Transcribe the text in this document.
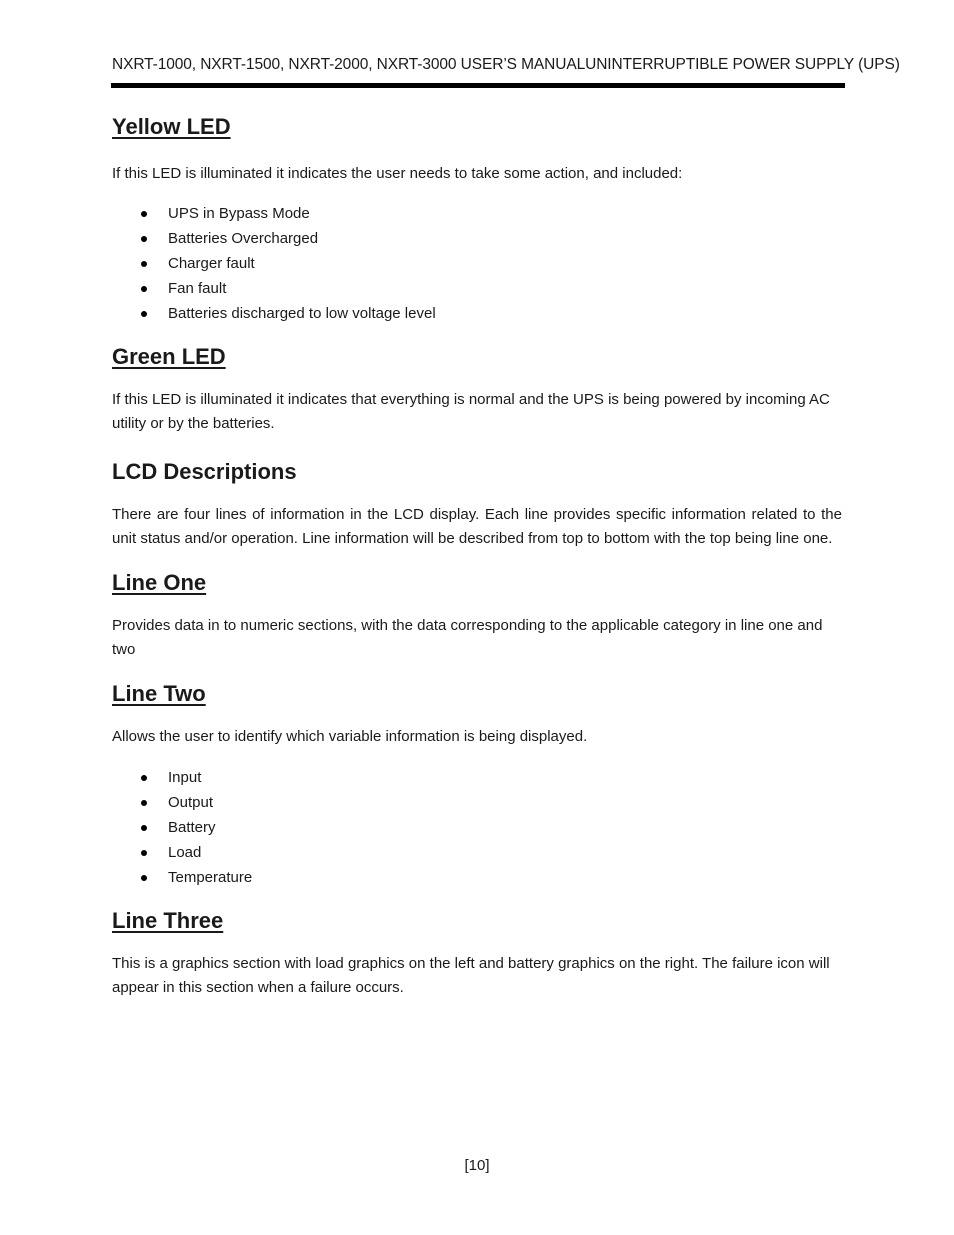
NXRT-1000, NXRT-1500, NXRT-2000, NXRT-3000 USER’S MANUALUNINTERRUPTIBLE POWER SUPPLY (UPS)
Yellow LED

If this LED is illuminated it indicates the user needs to take some action, and included:

UPS in Bypass Mode
Batteries Overcharged
Charger fault
Fan fault
Batteries discharged to low voltage level
Green LED

If this LED is illuminated it indicates that everything is normal and the UPS is being powered by incoming AC utility or by the batteries.

LCD Descriptions

There are four lines of information in the LCD display. Each line provides specific information related to the unit status and/or operation. Line information will be described from top to bottom with the top being line one.

Line One

Provides data in to numeric sections, with the data corresponding to the applicable category in line one and two

Line Two

Allows the user to identify which variable information is being displayed.

Input
Output
Battery
Load
Temperature
Line Three

This is a graphics section with load graphics on the left and battery graphics on the right. The failure icon will appear in this section when a failure occurs.

[10]
